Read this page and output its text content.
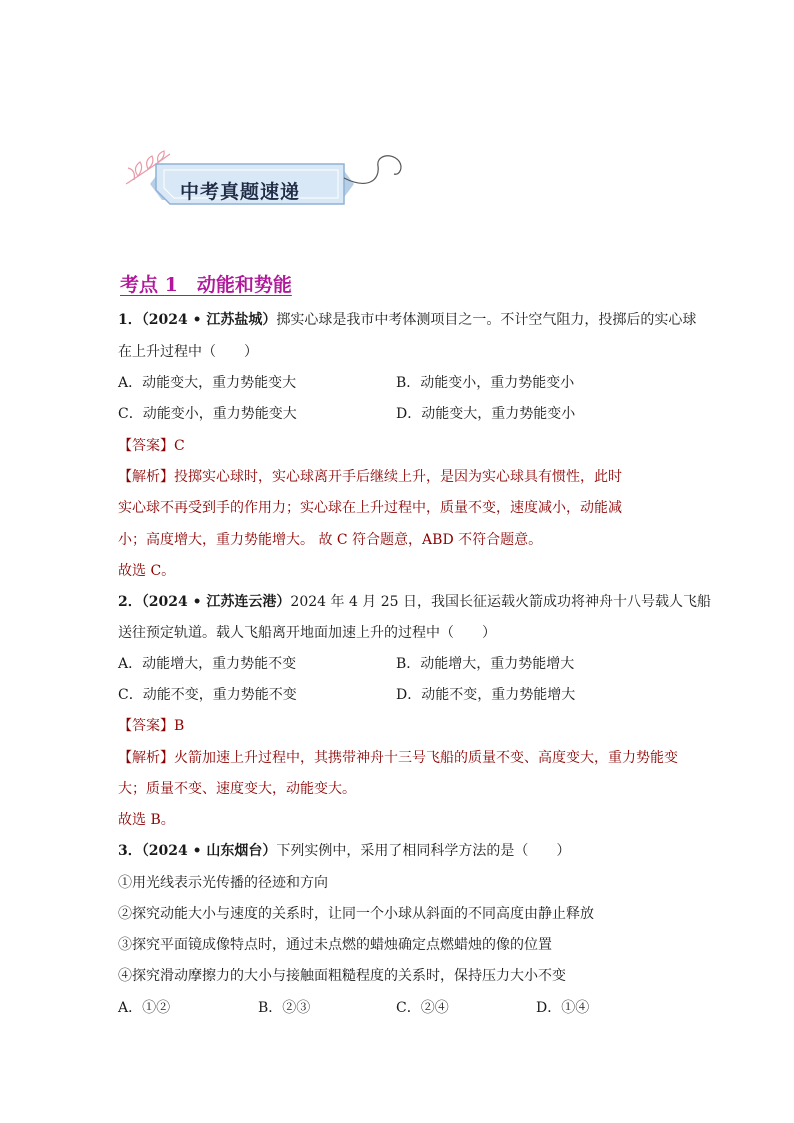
中考真题速递
考点 1　动能和势能
1．（2024 • 江苏盐城）掷实心球是我市中考体测项目之一。不计空气阻力，投掷后的实心球
在上升过程中（　　）
A．动能变大，重力势能变大	B．动能变小，重力势能变小
C．动能变小，重力势能变大	D．动能变大，重力势能变小
【答案】C
【解析】投掷实心球时，实心球离开手后继续上升，是因为实心球具有惯性，此时
实心球不再受到手的作用力；实心球在上升过程中，质量不变，速度减小，动能减
小；高度增大，重力势能增大。 故 C 符合题意，ABD 不符合题意。
故选 C。
2．（2024 • 江苏连云港）2024 年 4 月 25 日，我国长征运载火箭成功将神舟十八号载人飞船
送往预定轨道。载人飞船离开地面加速上升的过程中（　　）
A．动能增大，重力势能不变	B．动能增大，重力势能增大
C．动能不变，重力势能不变	D．动能不变，重力势能增大
【答案】B
【解析】火箭加速上升过程中，其携带神舟十三号飞船的质量不变、高度变大，重力势能变
大；质量不变、速度变大，动能变大。
故选 B。
3．（2024 • 山东烟台）下列实例中，采用了相同科学方法的是（　　）
①用光线表示光传播的径迹和方向
②探究动能大小与速度的关系时，让同一个小球从斜面的不同高度由静止释放
③探究平面镜成像特点时，通过未点燃的蜡烛确定点燃蜡烛的像的位置
④探究滑动摩擦力的大小与接触面粗糙程度的关系时，保持压力大小不变
A．①②	B．②③	C．②④	D．①④
